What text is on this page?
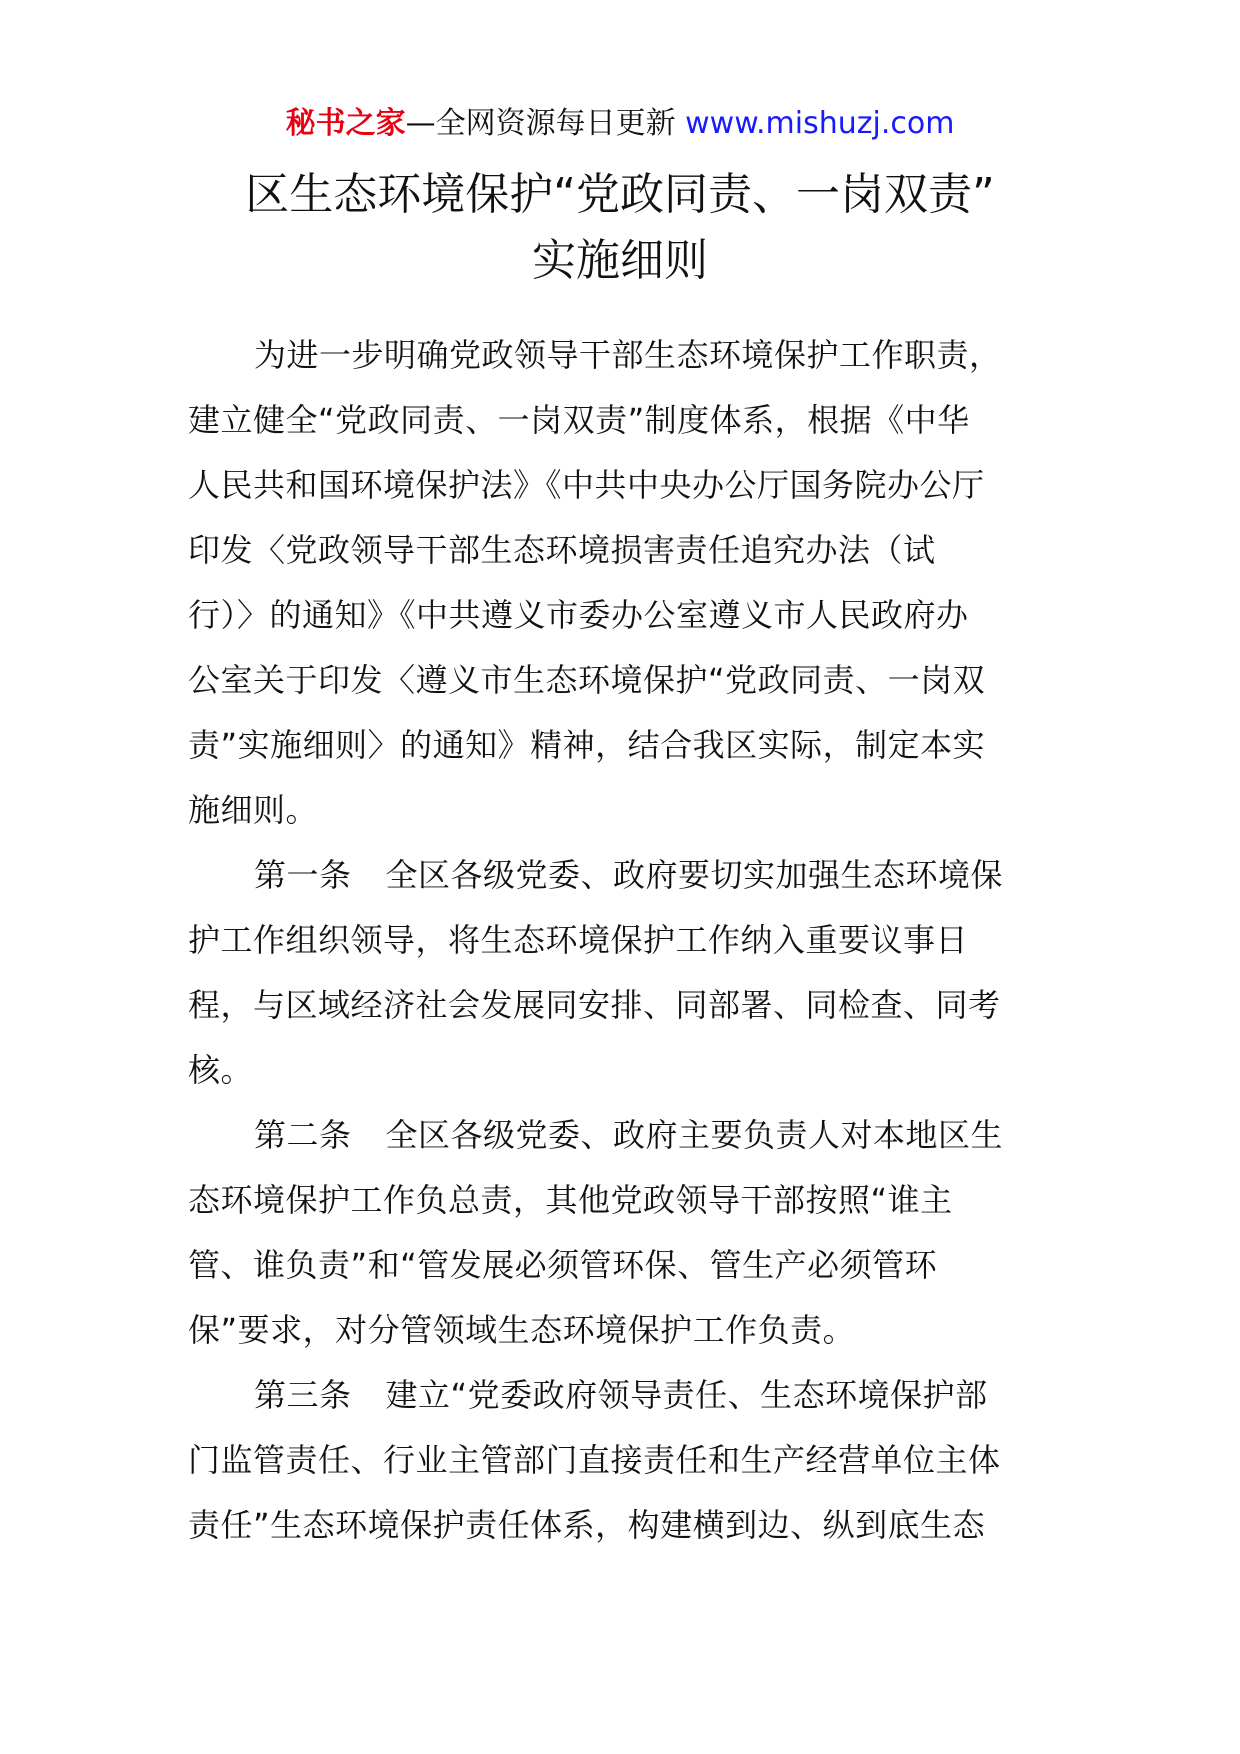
秘书之家—全网资源每日更新 www.mishuzj.com
区生态环境保护“党政同责、一岗双责”
实施细则

为进一步明确党政领导干部生态环境保护工作职责，
建立健全“党政同责、一岗双责”制度体系，根据《中华
人民共和国环境保护法》《中共中央办公厅国务院办公厅
印发〈党政领导干部生态环境损害责任追究办法（试
行）〉的通知》《中共遵义市委办公室遵义市人民政府办
公室关于印发〈遵义市生态环境保护“党政同责、一岗双
责”实施细则〉的通知》精神，结合我区实际，制定本实
施细则。

第一条 全区各级党委、政府要切实加强生态环境保
护工作组织领导，将生态环境保护工作纳入重要议事日
程，与区域经济社会发展同安排、同部署、同检查、同考
核。

第二条 全区各级党委、政府主要负责人对本地区生
态环境保护工作负总责，其他党政领导干部按照“谁主
管、谁负责”和“管发展必须管环保、管生产必须管环
保”要求，对分管领域生态环境保护工作负责。

第三条 建立“党委政府领导责任、生态环境保护部
门监管责任、行业主管部门直接责任和生产经营单位主体
责任”生态环境保护责任体系，构建横到边、纵到底生态
